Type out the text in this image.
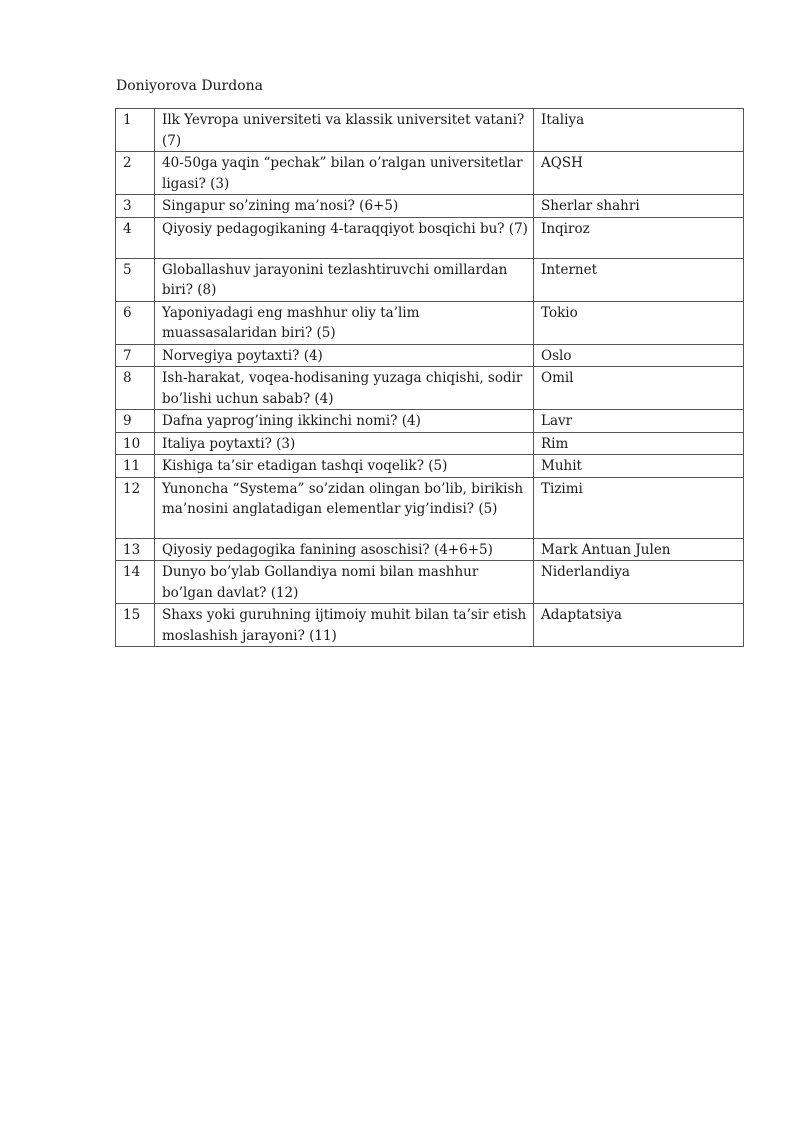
Doniyorova Durdona
1	Ilk Yevropa universiteti va klassik universitet vatani? (7)	Italiya
2	40-50ga yaqin “pechak” bilan o’ralgan universitetlar ligasi? (3)	AQSH
3	Singapur so’zining ma’nosi? (6+5)	Sherlar shahri
4	Qiyosiy pedagogikaning 4-taraqqiyot bosqichi bu? (7)	Inqiroz
5	Globallashuv jarayonini tezlashtiruvchi omillardan biri? (8)	Internet
6	Yaponiyadagi eng mashhur oliy ta’lim muassasalaridan biri? (5)	Tokio
7	Norvegiya poytaxti? (4)	Oslo
8	Ish-harakat, voqea-hodisaning yuzaga chiqishi, sodir bo’lishi uchun sabab? (4)	Omil
9	Dafna yaprog’ining ikkinchi nomi? (4)	Lavr
10	Italiya poytaxti? (3)	Rim
11	Kishiga ta’sir etadigan tashqi voqelik? (5)	Muhit
12	Yunoncha “Systema” so’zidan olingan bo’lib, birikish ma’nosini anglatadigan elementlar yig’indisi? (5)	Tizimi
13	Qiyosiy pedagogika fanining asoschisi? (4+6+5)	Mark Antuan Julen
14	Dunyo bo’ylab Gollandiya nomi bilan mashhur bo’lgan davlat? (12)	Niderlandiya
15	Shaxs yoki guruhning ijtimoiy muhit bilan ta’sir etish moslashish jarayoni? (11)	Adaptatsiya
